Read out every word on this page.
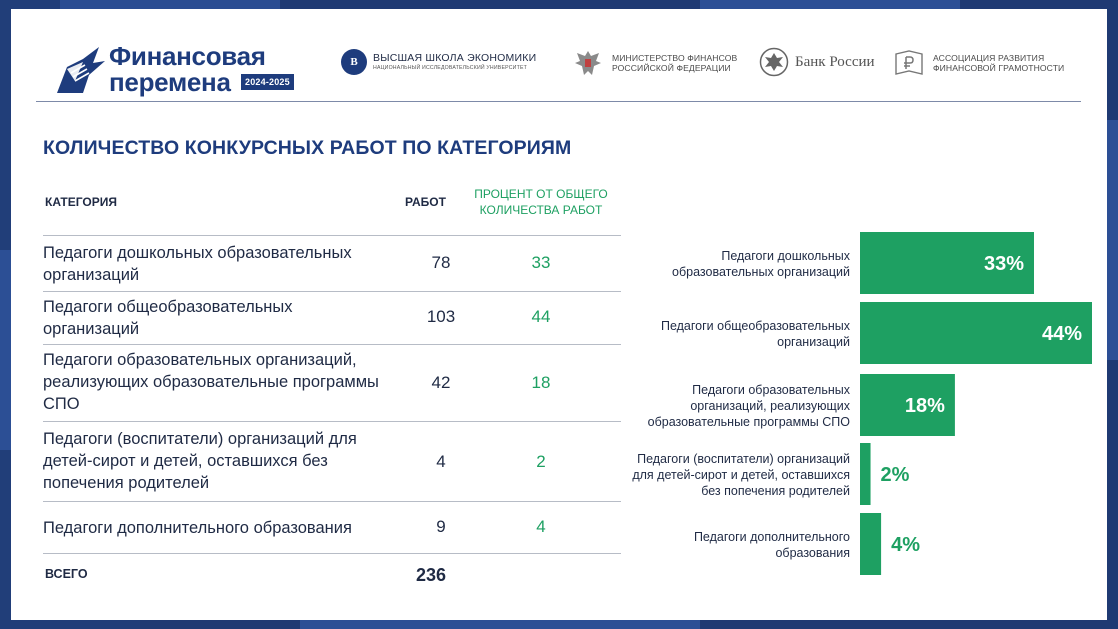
Финансовая
перемена	2024-2025
В	ВЫСШАЯ ШКОЛА ЭКОНОМИКИ
НАЦИОНАЛЬНЫЙ ИССЛЕДОВАТЕЛЬСКИЙ УНИВЕРСИТЕТ
МИНИСТЕРСТВО ФИНАНСОВ
РОССИЙСКОЙ ФЕДЕРАЦИИ	Банк России	АССОЦИАЦИЯ РАЗВИТИЯ
ФИНАНСОВОЙ ГРАМОТНОСТИ
КОЛИЧЕСТВО КОНКУРСНЫХ РАБОТ ПО КАТЕГОРИЯМ
КАТЕГОРИЯ	РАБОТ
ПРОЦЕНТ ОТ ОБЩЕГО КОЛИЧЕСТВА РАБОТ
Педагоги дошкольных образовательных организаций
78	33
Педагоги общеобразовательных организаций
103	44
Педагоги образовательных организаций, реализующих образовательные программы СПО
42	18
Педагоги (воспитатели) организаций для детей-сирот и детей, оставшихся без попечения родителей
4	2
Педагоги дополнительного образования	9	4
ВСЕГО	236
33%
Педагоги дошкольных образовательных организаций
44%
Педагоги общеобразовательных организаций
18%
Педагоги образовательных организаций, реализующих образовательные программы СПО
2%
Педагоги (воспитатели) организаций для детей-сирот и детей, оставшихся без попечения родителей
4%
Педагоги дополнительного образования
